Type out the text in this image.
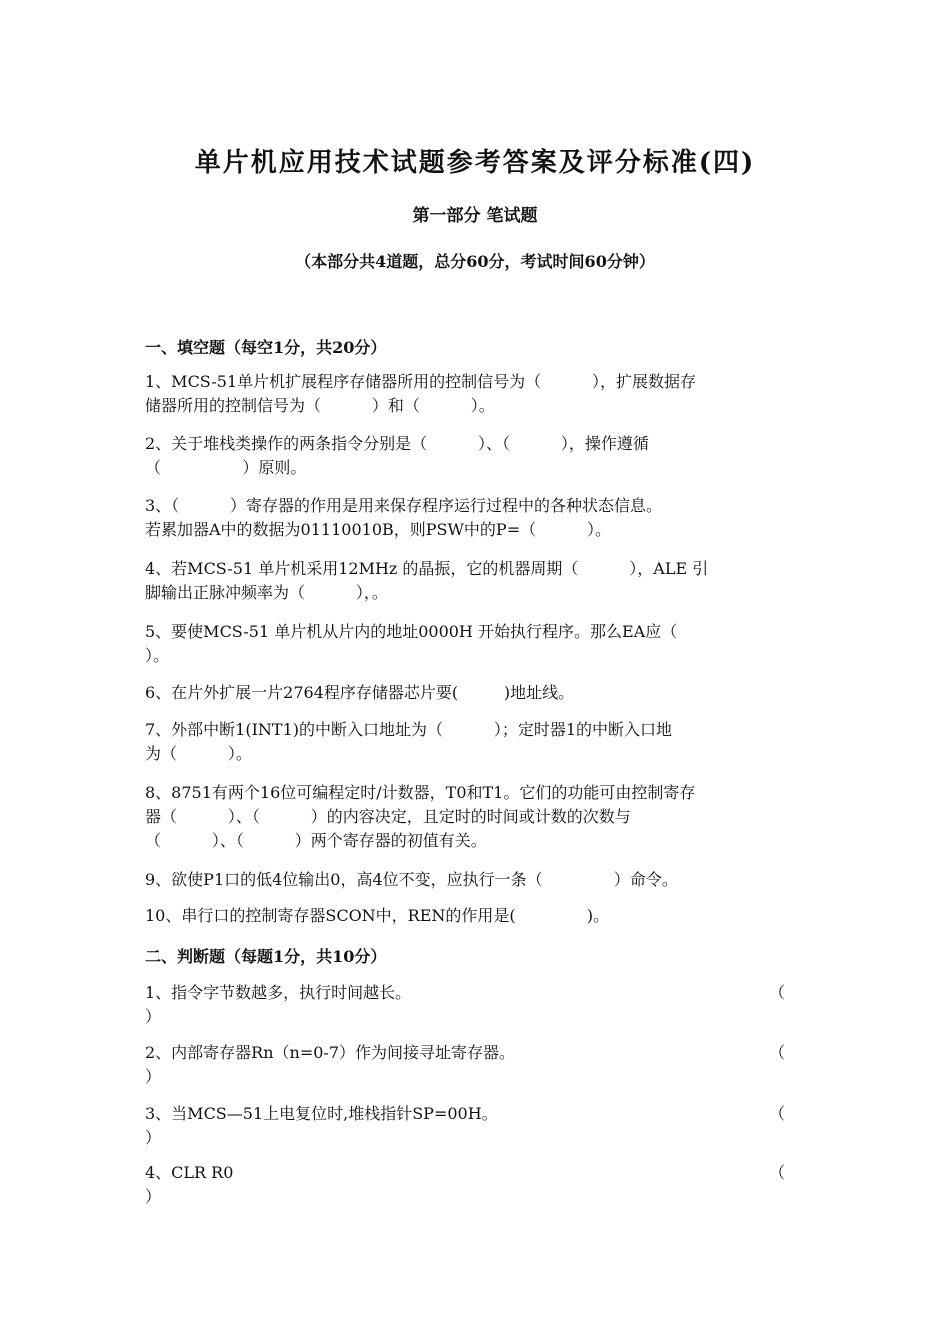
单片机应用技术试题参考答案及评分标准(四)
第一部分 笔试题
（本部分共4道题，总分60分，考试时间60分钟）
一、填空题（每空1分，共20分）
1、MCS-51单片机扩展程序存储器所用的控制信号为（          ），扩展数据存
储器所用的控制信号为（          ）和（          ）。
2、关于堆栈类操作的两条指令分别是（          ）、（          ），操作遵循
（                ）原则。
3、（          ）寄存器的作用是用来保存程序运行过程中的各种状态信息。
若累加器A中的数据为01110010B，则PSW中的P=（          ）。
4、若MCS-51 单片机采用12MHz 的晶振，它的机器周期（          ），ALE 引
脚输出正脉冲频率为（          ），。
5、要使MCS-51 单片机从片内的地址0000H 开始执行程序。那么EA应（
）。
6、在片外扩展一片2764程序存储器芯片要(         )地址线。
7、外部中断1(INT1)的中断入口地址为（          ）；定时器1的中断入口地
为（          ）。
8、8751有两个16位可编程定时/计数器，T0和T1。它们的功能可由控制寄存
器（          ）、（          ）的内容决定，且定时的时间或计数的次数与
（          ）、（          ）两个寄存器的初值有关。
9、欲使P1口的低4位输出0，高4位不变，应执行一条（              ）命令。
10、串行口的控制寄存器SCON中，REN的作用是(              )。
二、判断题（每题1分，共10分）
1、指令字节数越多，执行时间越长。	（
）
2、内部寄存器Rn（n=0-7）作为间接寻址寄存器。	（
）
3、当MCS—51上电复位时,堆栈指针SP=00H。	（
）
4、CLR R0	（
）
